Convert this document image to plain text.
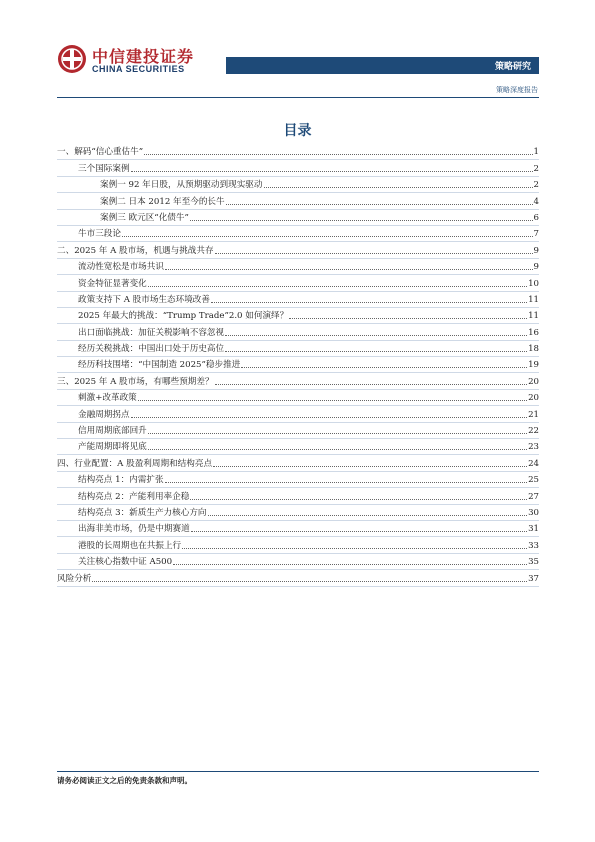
中信建投证券
CHINA SECURITIES	策略研究
策略深度报告
目录
一、解码“信心重估牛”	1
三个国际案例	2
案例一 92 年日股，从预期驱动到现实驱动	2
案例二 日本 2012 年至今的长牛	4
案例三 欧元区“化债牛”	6
牛市三段论	7
二、2025 年 A 股市场，机遇与挑战共存	9
流动性宽松是市场共识	9
资金特征显著变化	10
政策支持下 A 股市场生态环境改善	11
2025 年最大的挑战：“Trump Trade”2.0 如何演绎？	11
出口面临挑战：加征关税影响不容忽视	16
经历关税挑战：中国出口处于历史高位	18
经历科技围堵：“中国制造 2025”稳步推进	19
三、2025 年 A 股市场，有哪些预期差？	20
刺激+改革政策	20
金融周期拐点	21
信用周期底部回升	22
产能周期即将见底	23
四、行业配置：A 股盈利周期和结构亮点	24
结构亮点 1：内需扩张	25
结构亮点 2：产能利用率企稳	27
结构亮点 3：新质生产力核心方向	30
出海非美市场，仍是中期赛道	31
港股的长周期也在共振上行	33
关注核心指数中证 A500	35
风险分析	37
请务必阅读正文之后的免责条款和声明。
